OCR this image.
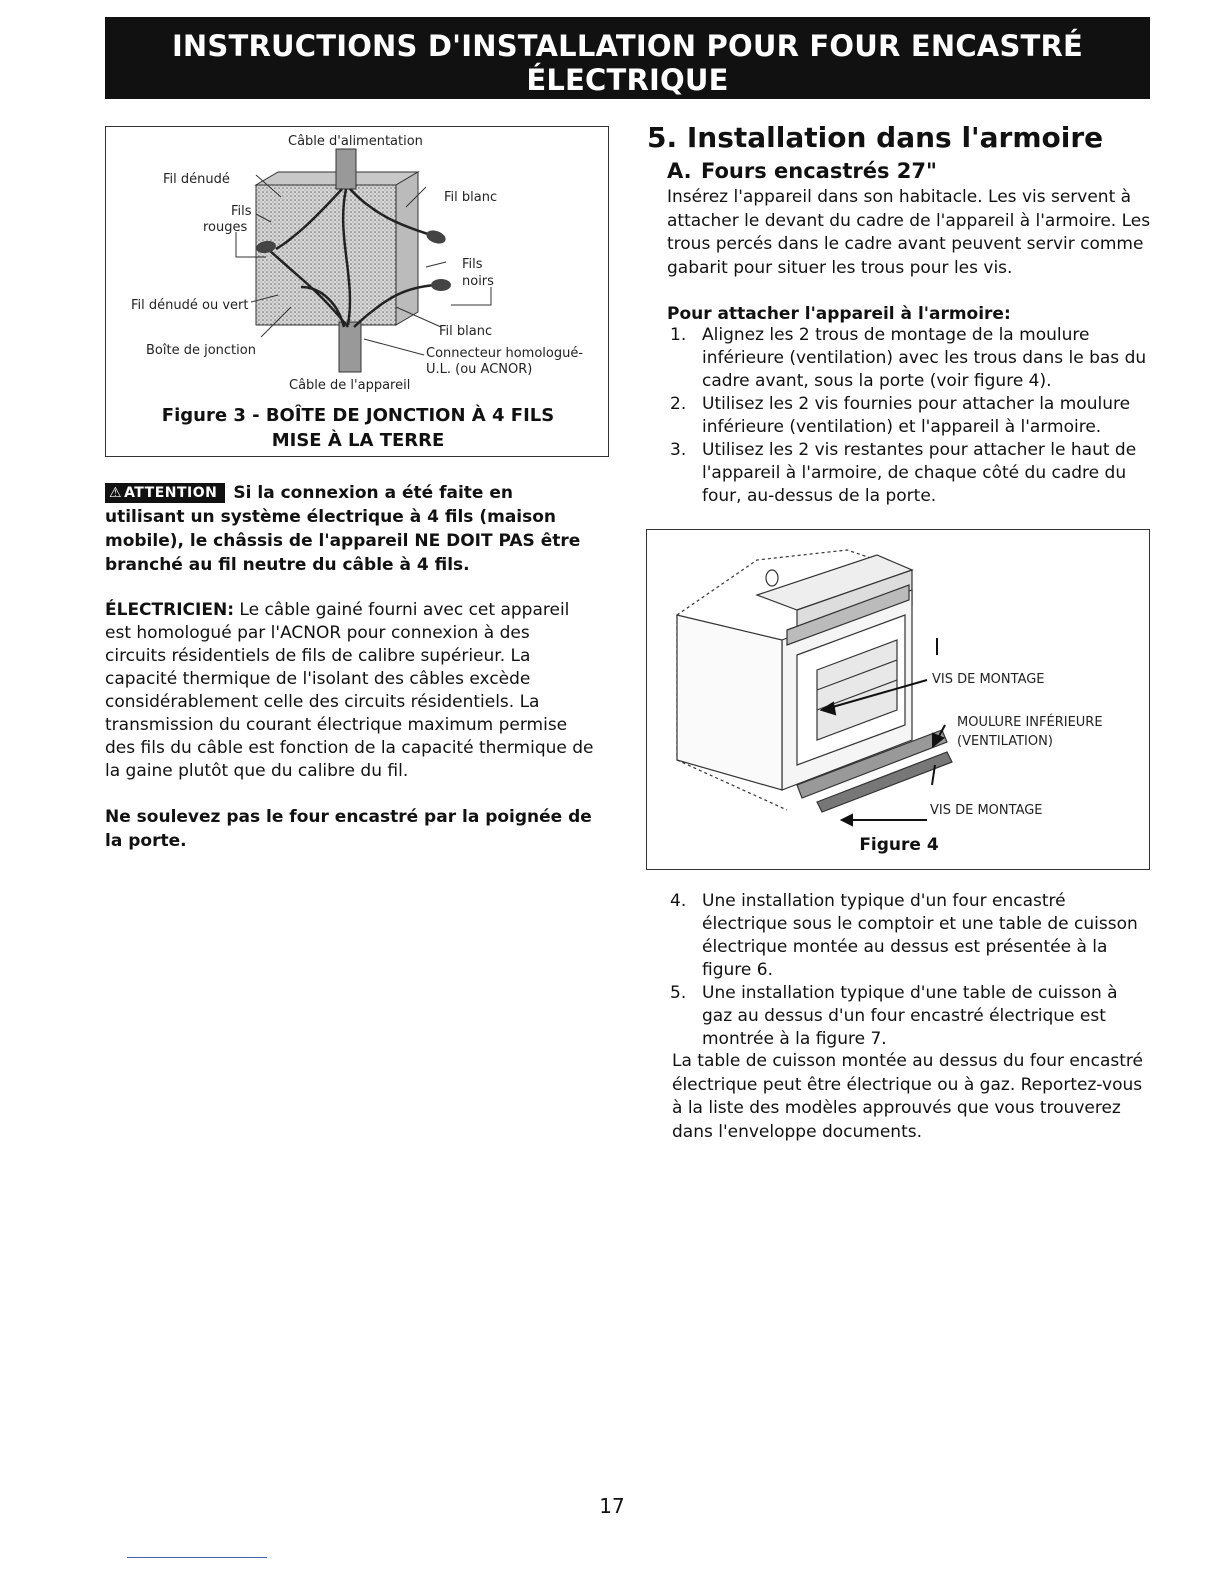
INSTRUCTIONS D'INSTALLATION POUR FOUR ENCASTRÉ ÉLECTRIQUE
(Combiné à une table de cuisson électrique ou à gaz (en option))
Câble d'alimentation
Fil dénudé
Fils
rouges
Fil blanc
Fils
noirs
Fil dénudé ou vert
Fil blanc
Boîte de jonction	Connecteur homologué-
U.L. (ou ACNOR)
Câble de l'appareil
Figure 3 - BOÎTE DE JONCTION À 4 FILS
MISE À LA TERRE
⚠ ATTENTION Si la connexion a été faite en utilisant un système électrique à 4 fils (maison mobile), le châssis de l'appareil NE DOIT PAS être branché au fil neutre du câble à 4 fils.
ÉLECTRICIEN: Le câble gainé fourni avec cet appareil est homologué par l'ACNOR pour connexion à des circuits résidentiels de fils de calibre supérieur. La capacité thermique de l'isolant des câbles excède considérablement celle des circuits résidentiels. La transmission du courant électrique maximum permise des fils du câble est fonction de la capacité thermique de la gaine plutôt que du calibre du fil.
Ne soulevez pas le four encastré par la poignée de la porte.
5. Installation dans l'armoire
A. Fours encastrés 27"
Insérez l'appareil dans son habitacle. Les vis servent à attacher le devant du cadre de l'appareil à l'armoire. Les trous percés dans le cadre avant peuvent servir comme gabarit pour situer les trous pour les vis.
Pour attacher l'appareil à l'armoire:
1. Alignez les 2 trous de montage de la moulure inférieure (ventilation) avec les trous dans le bas du cadre avant, sous la porte (voir figure 4).
2. Utilisez les 2 vis fournies pour attacher la moulure inférieure (ventilation) et l'appareil à l'armoire.
3. Utilisez les 2 vis restantes pour attacher le haut de l'appareil à l'armoire, de chaque côté du cadre du four, au-dessus de la porte.
VIS DE MONTAGE
MOULURE INFÉRIEURE
(VENTILATION)
VIS DE MONTAGE
Figure 4
4. Une installation typique d'un four encastré électrique sous le comptoir et une table de cuisson électrique montée au dessus est présentée à la figure 6.
5. Une installation typique d'une table de cuisson à gaz au dessus d'un four encastré électrique est montrée à la figure 7.
La table de cuisson montée au dessus du four encastré électrique peut être électrique ou à gaz. Reportez-vous à la liste des modèles approuvés que vous trouverez dans l'enveloppe documents.
17
